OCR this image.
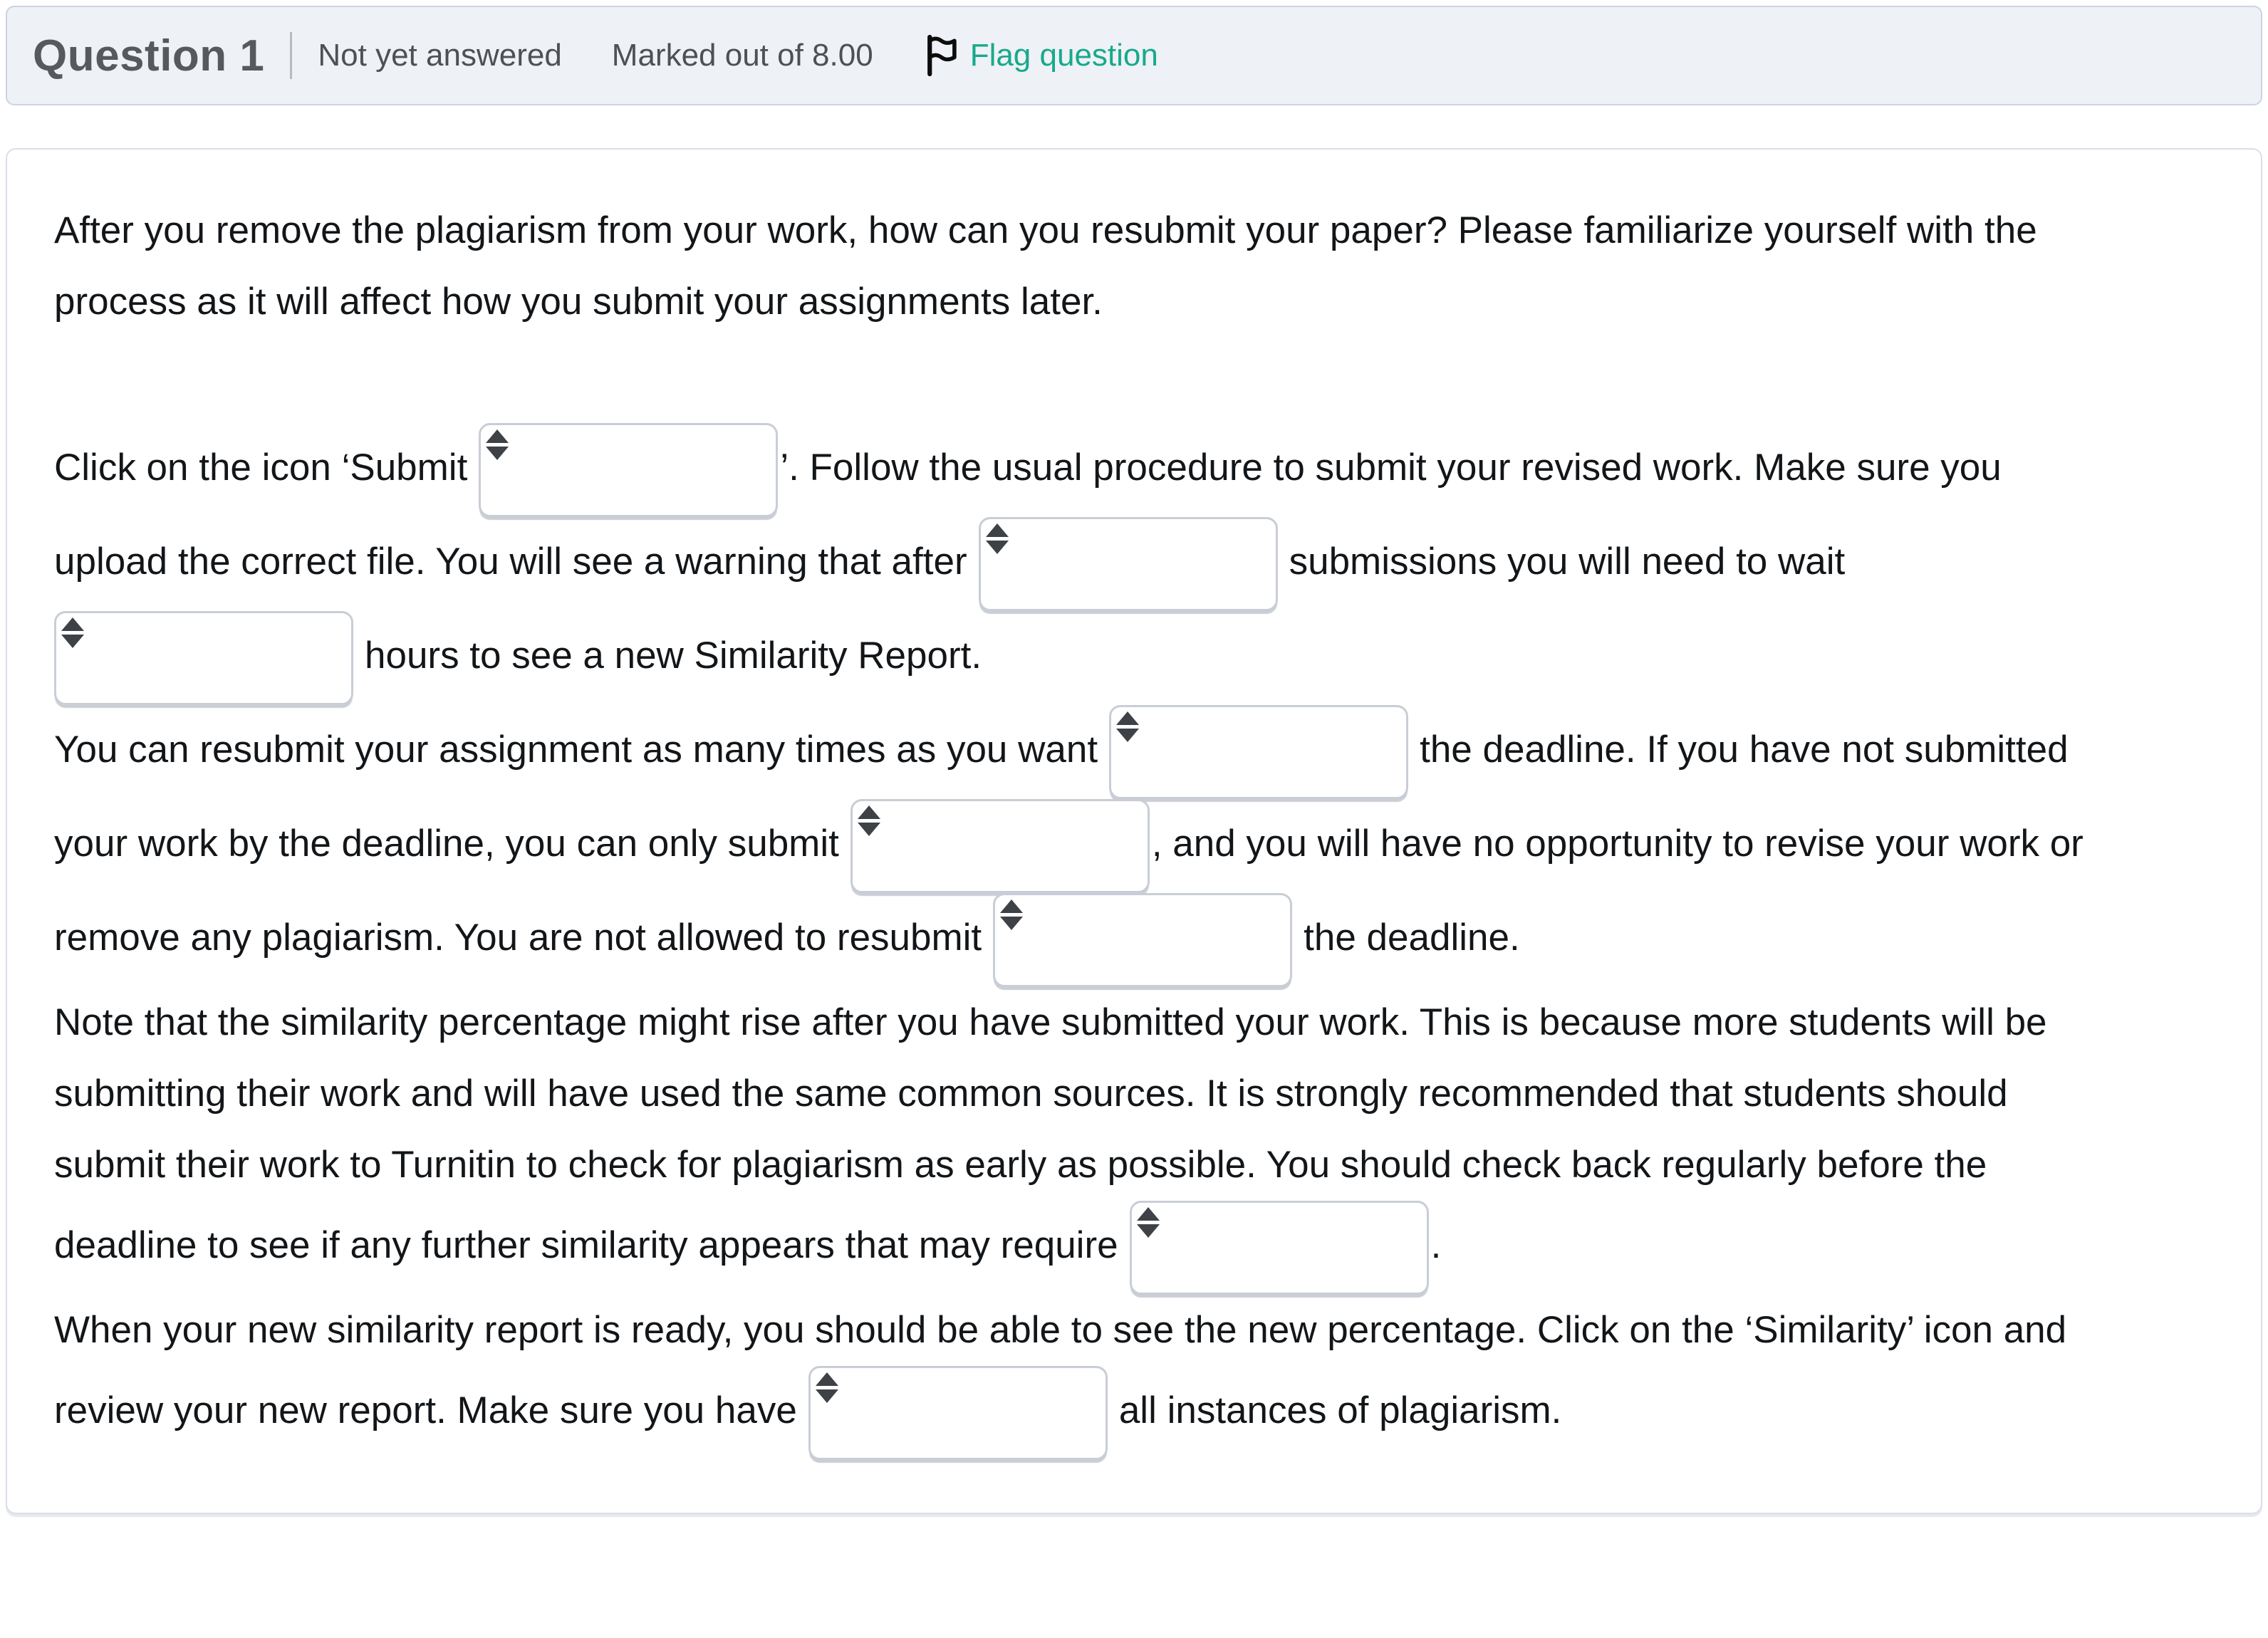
Question 1 Not yet answered Marked out of 8.00	Flag question
After you remove the plagiarism from your work, how can you resubmit your paper? Please familiarize yourself with the
process as it will affect how you submit your assignments later.
Click on the icon ‘Submit	’. Follow the usual procedure to submit your revised work. Make sure you
upload the correct file. You will see a warning that after	submissions you will need to wait
hours to see a new Similarity Report.
You can resubmit your assignment as many times as you want	the deadline. If you have not submitted
your work by the deadline, you can only submit	, and you will have no opportunity to revise your work or
remove any plagiarism. You are not allowed to resubmit	the deadline.
Note that the similarity percentage might rise after you have submitted your work. This is because more students will be
submitting their work and will have used the same common sources. It is strongly recommended that students should
submit their work to Turnitin to check for plagiarism as early as possible. You should check back regularly before the
deadline to see if any further similarity appears that may require	.
When your new similarity report is ready, you should be able to see the new percentage. Click on the ‘Similarity’ icon and
review your new report. Make sure you have	all instances of plagiarism.
